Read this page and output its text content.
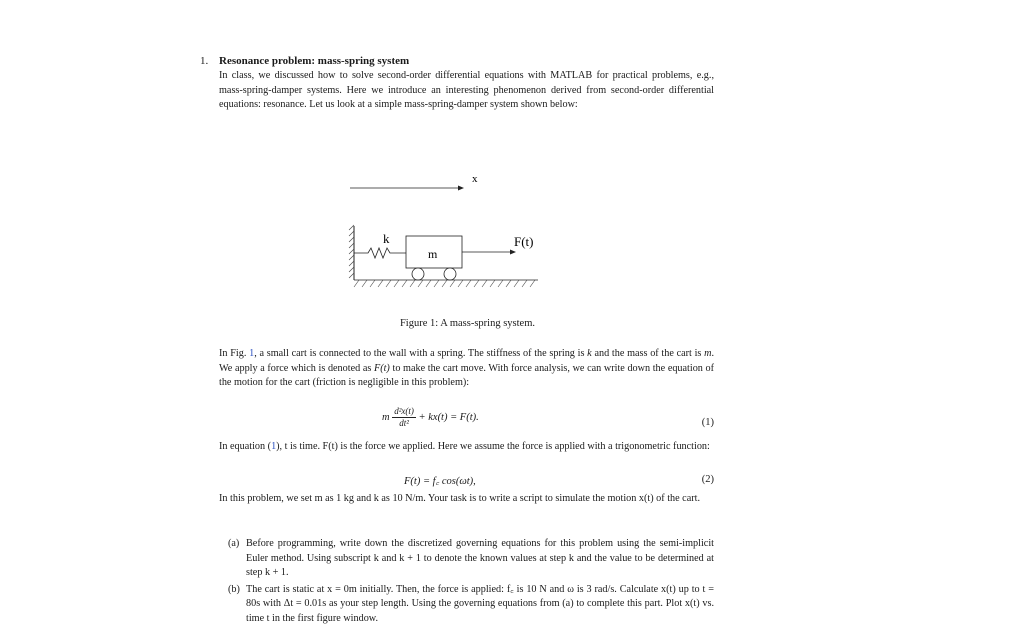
1. Resonance problem: mass-spring system

In class, we discussed how to solve second-order differential equations with MATLAB for practical problems, e.g., mass-spring-damper systems. Here we introduce an interesting phenomenon derived from second-order differential equations: resonance. Let us look at a simple mass-spring-damper system shown below:

x
k
m
F(t)
Figure 1: A mass-spring system.

In Fig. 1, a small cart is connected to the wall with a spring. The stiffness of the spring is k and the mass of the cart is m. We apply a force which is denoted as F(t) to make the cart move. With force analysis, we can write down the equation of the motion for the cart (friction is negligible in this problem):

m $\frac{\text{d²x(t)}}{\text{dt²}} + kx(t) = F(t)$.	(1)

In equation (1), t is time. F(t) is the force we applied. Here we assume the force is applied with a trigonometric function:

F(t) = f꜀ cos(ωt),	(2)

In this problem, we set m as 1 kg and k as 10 N/m. Your task is to write a script to simulate the motion x(t) of the cart.

(a) Before programming, write down the discretized governing equations for this problem using the semi-implicit Euler method. Using subscript k and k + 1 to denote the known values at step k and the value to be determined at step k + 1.
(b) The cart is static at x = 0m initially. Then, the force is applied: f꜀ is 10 N and ω is 3 rad/s. Calculate x(t) up to t = 80s with Δt = 0.01s as your step length. Using the governing equations from (a) to complete this part. Plot x(t) vs. time t in the first figure window.
